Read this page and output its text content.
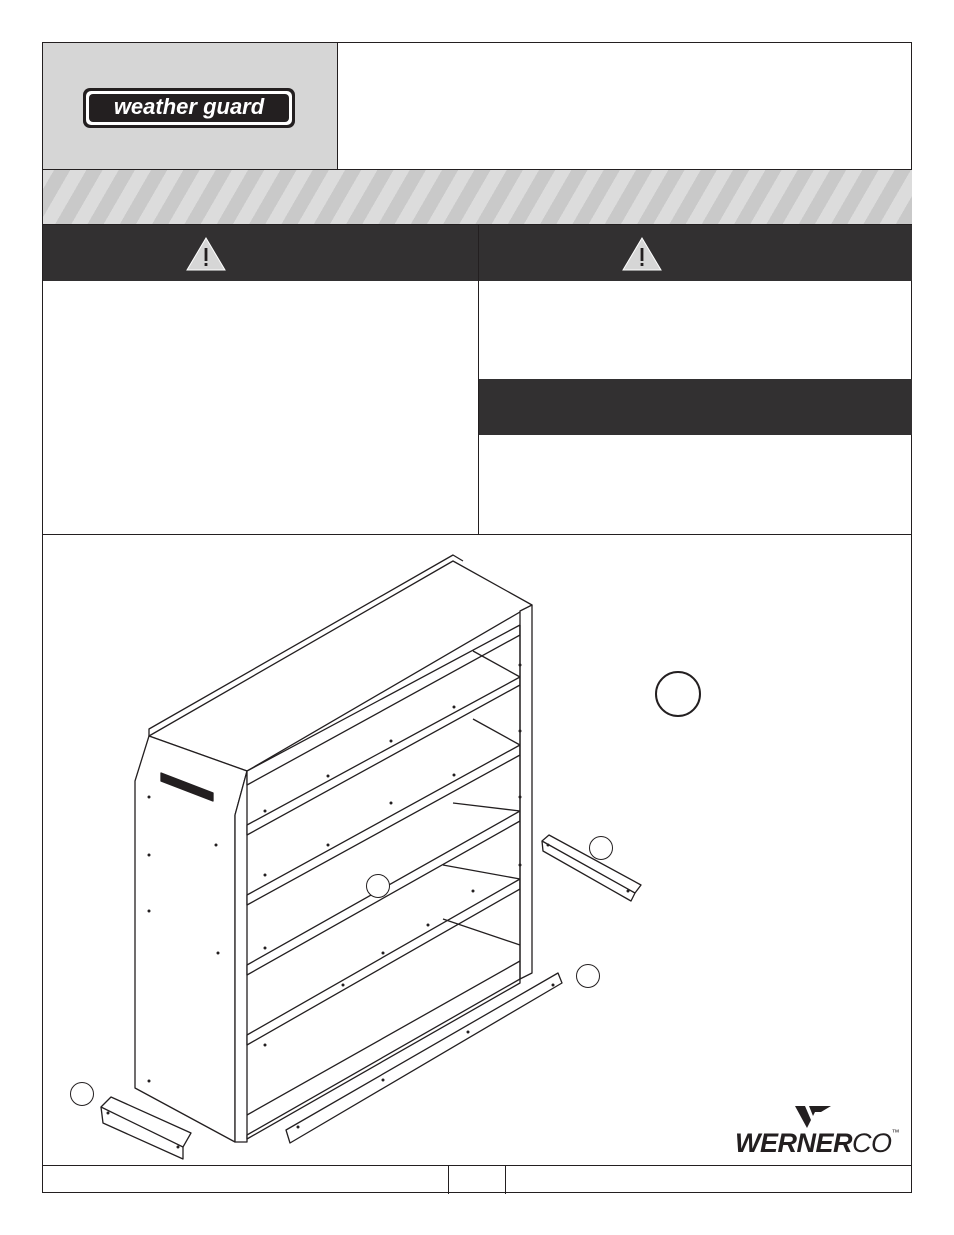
weather guard
WERNERCO™
